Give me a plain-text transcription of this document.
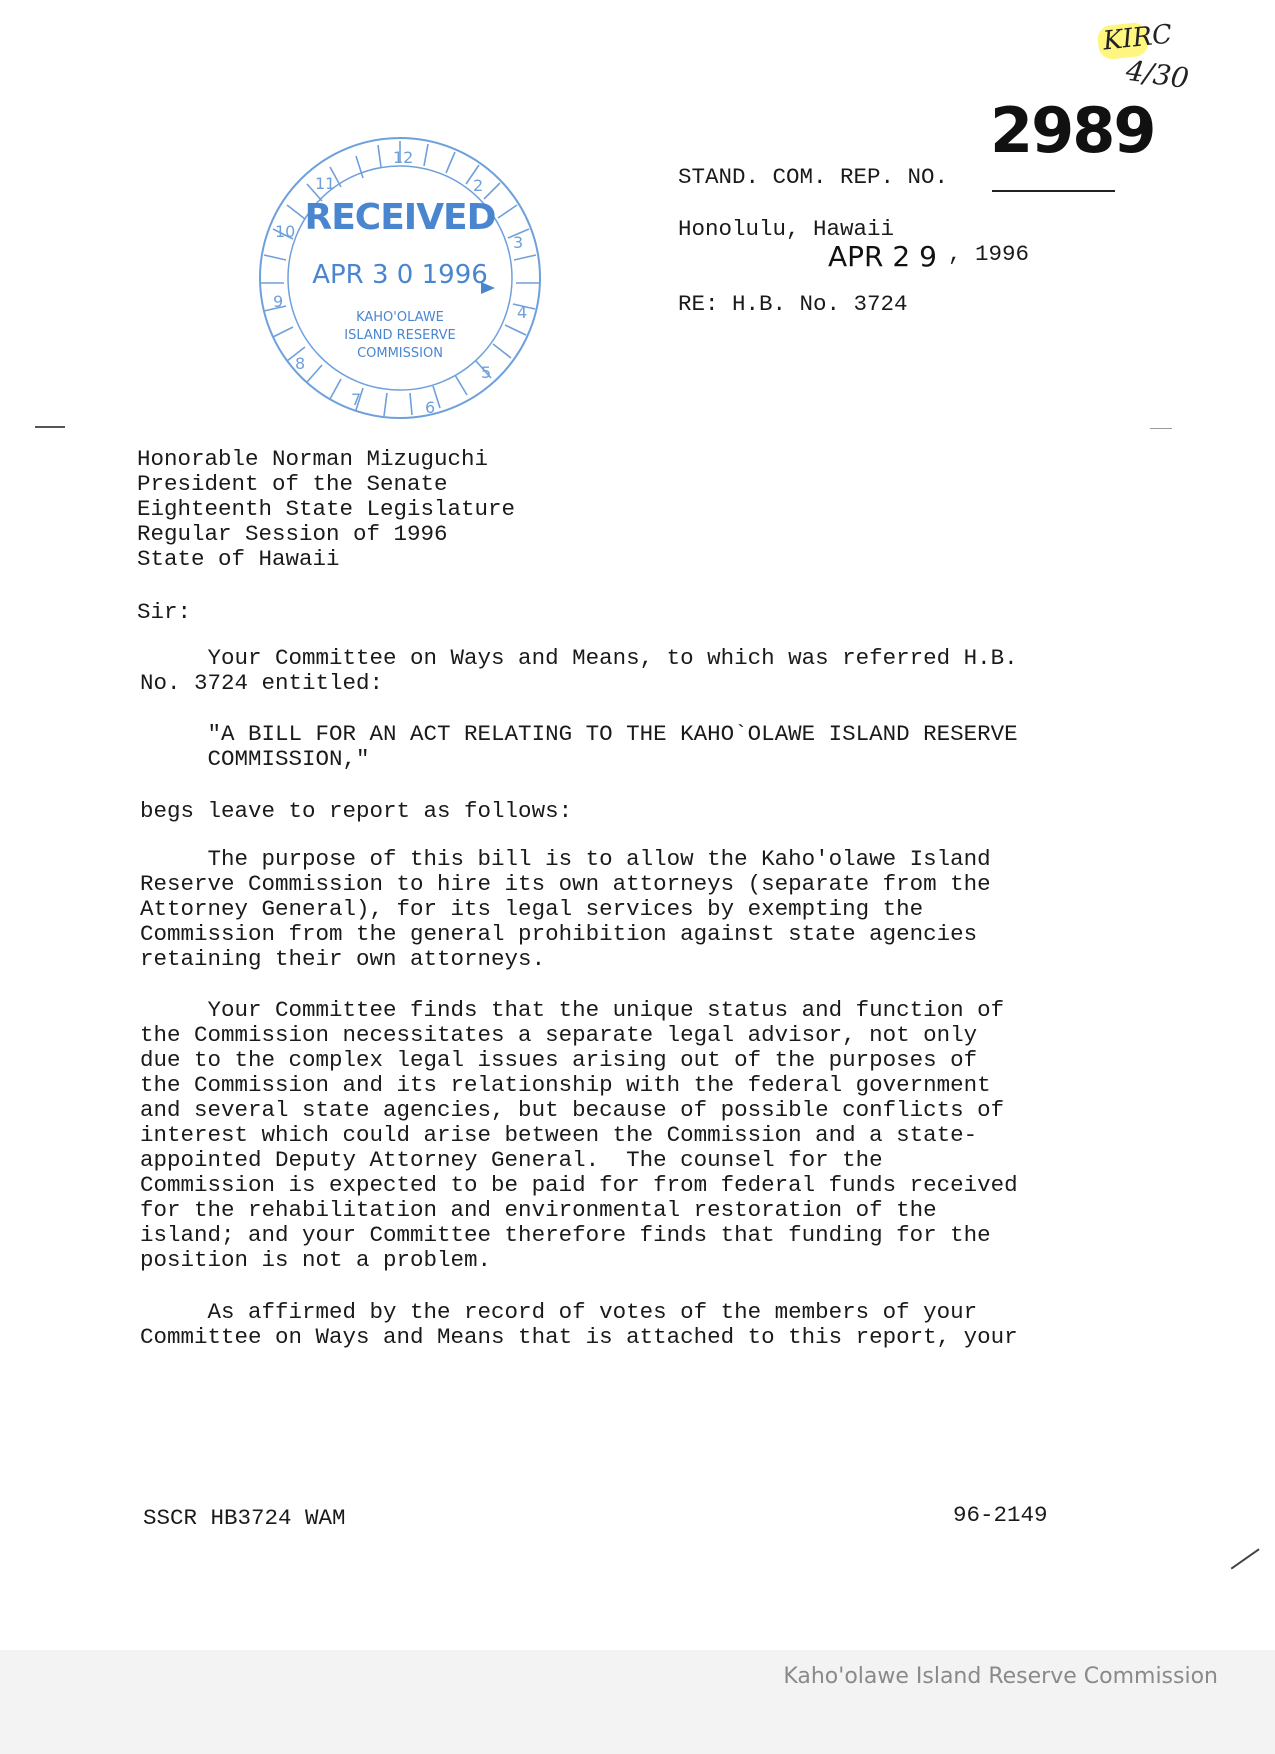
KIRC
4/30
12
2
3
4
5
6
7
8
9
10
11
RECEIVED
APR 3 0 1996
KAHO'OLAWE
ISLAND RESERVE
COMMISSION
STAND. COM. REP. NO.
2989
Honolulu, Hawaii
APR 2 9 , 1996
RE: H.B. No. 3724
Honorable Norman Mizuguchi
President of the Senate
Eighteenth State Legislature
Regular Session of 1996
State of Hawaii
Sir:
Your Committee on Ways and Means, to which was referred H.B.
No. 3724 entitled:
"A BILL FOR AN ACT RELATING TO THE KAHO`OLAWE ISLAND RESERVE
COMMISSION,"
begs leave to report as follows:
The purpose of this bill is to allow the Kaho'olawe Island
Reserve Commission to hire its own attorneys (separate from the
Attorney General), for its legal services by exempting the
Commission from the general prohibition against state agencies
retaining their own attorneys.
Your Committee finds that the unique status and function of
the Commission necessitates a separate legal advisor, not only
due to the complex legal issues arising out of the purposes of
the Commission and its relationship with the federal government
and several state agencies, but because of possible conflicts of
interest which could arise between the Commission and a state-
appointed Deputy Attorney General.  The counsel for the
Commission is expected to be paid for from federal funds received
for the rehabilitation and environmental restoration of the
island; and your Committee therefore finds that funding for the
position is not a problem.
As affirmed by the record of votes of the members of your
Committee on Ways and Means that is attached to this report, your
SSCR HB3724 WAM	96-2149
Kaho'olawe Island Reserve Commission
